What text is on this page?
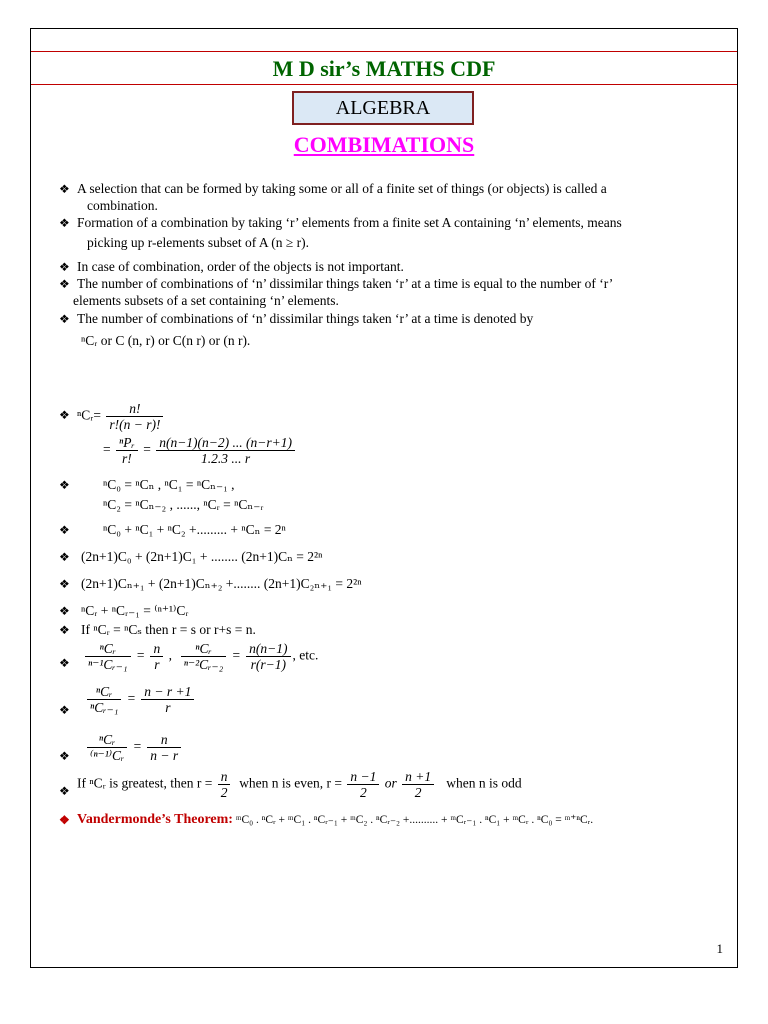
M D sir’s MATHS CDF
ALGEBRA
COMBIMATIONS
❖ A selection that can be formed by taking some or all of a finite set of things (or objects) is called a
combination.
❖ Formation of a combination by taking ‘r’ elements from a finite set A containing ‘n’ elements, means
picking up r-elements subset of A (n ≥ r).
❖ In case of combination, order of the objects is not important.
❖ The number of combinations of ‘n’ dissimilar things taken ‘r’ at a time is equal to the number of ‘r’
elements subsets of a set containing ‘n’ elements.
❖ The number of combinations of ‘n’ dissimilar things taken ‘r’ at a time is denoted by
ⁿCᵣ or C (n, r) or C(n r) or (n r).
❖ ⁿCᵣ= $\frac{n!}{r!(n - r)!}$
= $\frac{\text{ⁿPᵣ}}{r!} = \frac{n(n-1)(n-2) ... (n-r+1)}{1.2.3 ... r}$
❖ ⁿC₀ = ⁿCₙ , ⁿC₁ = ⁿCₙ₋₁ ,
ⁿC₂ = ⁿCₙ₋₂ , ......, ⁿCᵣ = ⁿCₙ₋ᵣ
❖ ⁿC₀ + ⁿC₁ + ⁿC₂ +......... + ⁿCₙ = 2ⁿ
❖ (2n+1)C₀ + (2n+1)C₁ + ........ (2n+1)Cₙ = 2²ⁿ
❖ (2n+1)Cₙ₊₁ + (2n+1)Cₙ₊₂ +........ (2n+1)C₂ₙ₊₁ = 2²ⁿ
❖ ⁿCᵣ + ⁿCᵣ₋₁ = ⁽ⁿ⁺¹⁾Cᵣ
❖ If ⁿCᵣ = ⁿCₛ then r = s or r+s = n.
❖ $\frac{\text{ⁿCᵣ}}{\text{ⁿ⁻¹Cᵣ₋₁}} = \frac{n}{r}$ , $\frac{\text{ⁿCᵣ}}{\text{ⁿ⁻²Cᵣ₋₂}} = \frac{n(n-1)}{r(r-1)}$ , etc.
❖ $\frac{\text{ⁿCᵣ}}{\text{ⁿCᵣ₋₁}} = \frac{n - r +1}{r}$
❖ $\frac{\text{ⁿCᵣ}}{\text{⁽ⁿ⁻¹⁾Cᵣ}} = \frac{n}{n - r}$
❖
If ⁿCᵣ is greatest, then $r = \frac{n}{2}$ when n is even, $r = \frac{n -1}{2}$ or $\frac{n +1}{2}$ when n is odd
❖ Vandermonde’s Theorem: ᵐC₀ . ⁿCᵣ + ᵐC₁ . ⁿCᵣ₋₁ + ᵐC₂ . ⁿCᵣ₋₂ +.......... + ᵐCᵣ₋₁ . ⁿC₁ + ᵐCᵣ . ⁿC₀ = ᵐ⁺ⁿCᵣ.
1
